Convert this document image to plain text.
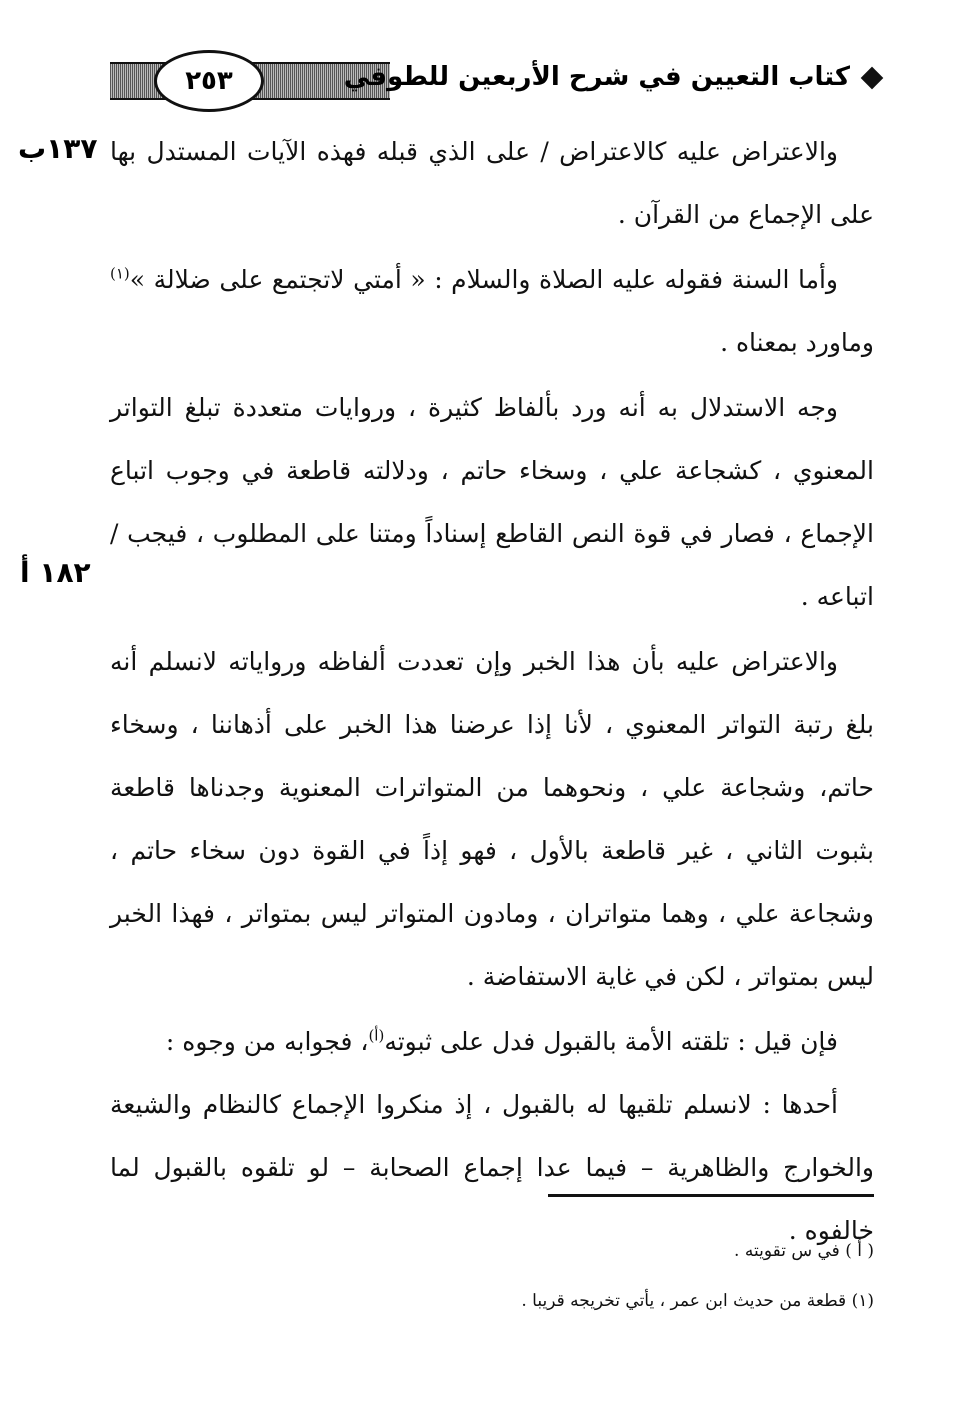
٢٥٣	كتاب التعيين في شرح الأربعين للطوفي
١٣٧ب
١٨٢ أ

والاعتراض عليه كالاعتراض / على الذي قبله فهذه الآيات المستدل بها على الإجماع من القرآن .

وأما السنة فقوله عليه الصلاة والسلام : « أمتي لاتجتمع على ضلالة »$^{(١)}$ وماورد بمعناه .

وجه الاستدلال به أنه ورد بألفاظ كثيرة ، وروايات متعددة تبلغ التواتر المعنوي ، كشجاعة علي ، وسخاء حاتم ، ودلالته قاطعة في وجوب اتباع الإجماع ، فصار في قوة النص القاطع إسناداً ومتنا على المطلوب ، فيجب / اتباعه .

والاعتراض عليه بأن هذا الخبر وإن تعددت ألفاظه ورواياته لانسلم أنه بلغ رتبة التواتر المعنوي ، لأنا إذا عرضنا هذا الخبر على أذهاننا ، وسخاء حاتم، وشجاعة علي ، ونحوهما من المتواترات المعنوية وجدناها قاطعة بثبوت الثاني ، غير قاطعة بالأول ، فهو إذاً في القوة دون سخاء حاتم ، وشجاعة علي ، وهما متواتران ، ومادون المتواتر ليس بمتواتر ، فهذا الخبر ليس بمتواتر ، لكن في غاية الاستفاضة .

فإن قيل : تلقته الأمة بالقبول فدل على ثبوته$^{(أ)}$، فجوابه من وجوه :

أحدها : لانسلم تلقيها له بالقبول ، إذ منكروا الإجماع كالنظام والشيعة والخوارج والظاهرية – فيما عدا إجماع الصحابة – لو تلقوه بالقبول لما خالفوه .

( أ ) في س تقويته .
(١) قطعة من حديث ابن عمر ، يأتي تخريجه قريبا .
